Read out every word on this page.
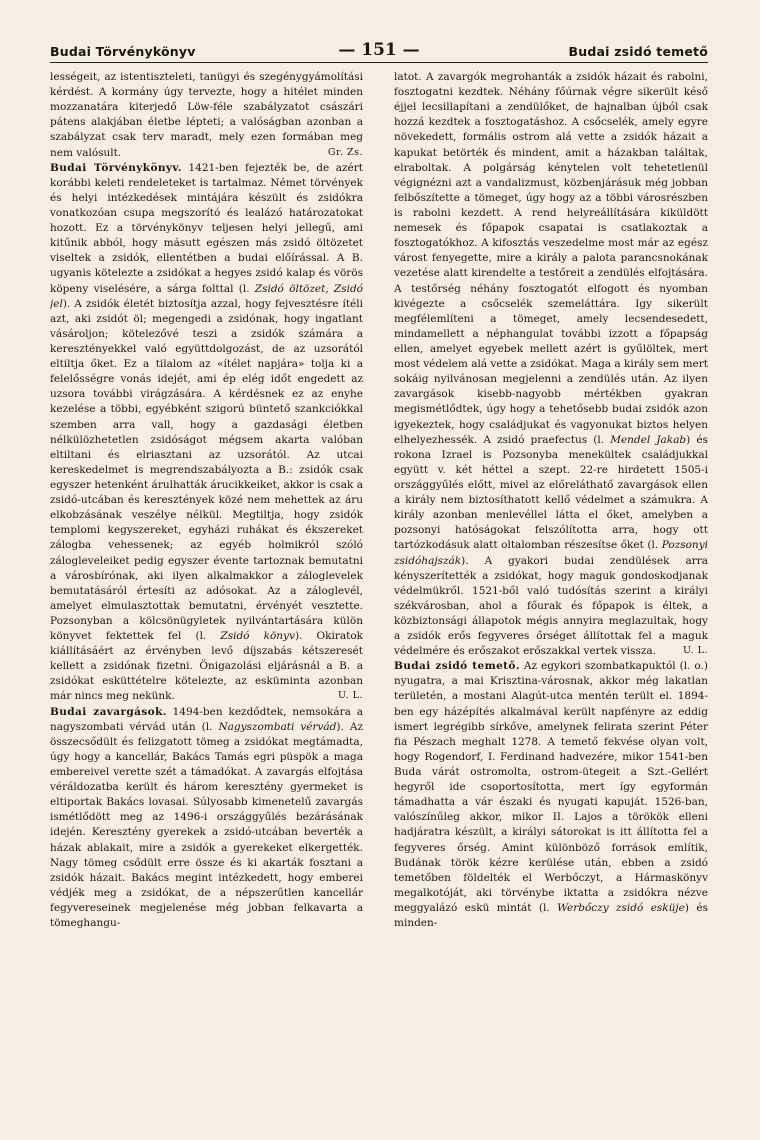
Budai Törvénykönyv	— 151 —	Budai zsidó temető

lességeit, az istentiszteleti, tanügyi és szegénygyámolítási kérdést. A kormány úgy tervezte, hogy a hitélet minden mozzanatára kiterjedő Löw-féle szabályzatot császári pátens alakjában életbe lépteti; a valóságban azonban a szabályzat csak terv maradt, mely ezen formában meg nem valósult.	Gr. Zs.

Budai Törvénykönyv. 1421-ben fejezték be, de azért korábbi keleti rendeleteket is tartalmaz. Német törvények és helyi intézkedések mintájára készült és zsidókra vonatkozóan csupa megszorító és lealázó határozatokat hozott. Ez a törvénykönyv teljesen helyi jellegű, ami kitűnik abból, hogy másutt egészen más zsidó öltözetet viseltek a zsidók, ellentétben a budai előírással. A B. ugyanis kötelezte a zsidókat a hegyes zsidó kalap és vörös köpeny viselésére, a sárga folttal (l. Zsidó öltözet, Zsidó jel). A zsidók életét biztosítja azzal, hogy fejvesztésre ítéli azt, aki zsidót öl; megengedi a zsidónak, hogy ingatlant vásároljon; kötelezővé teszi a zsidók számára a keresztényekkel való együttdolgozást, de az uzsorától eltiltja őket. Ez a tilalom az «ítélet napjára» tolja ki a felelősségre vonás idejét, ami ép elég időt engedett az uzsora további virágzására. A kérdésnek ez az enyhe kezelése a többi, egyébként szigorú büntető szankciókkal szemben arra vall, hogy a gazdasági életben nélkülözhetetlen zsidóságot mégsem akarta valóban eltiltani és elriasztani az uzsorától. Az utcai kereskedelmet is megrendszabályozta a B.: zsidók csak egyszer hetenként árulhatták árucikkeiket, akkor is csak a zsidó-utcában és keresztények közé nem mehettek az áru elkobzásának veszélye nélkül. Megtiltja, hogy zsidók templomi kegyszereket, egyházi ruhákat és ékszereket zálogba vehessenek; az egyéb holmikról szóló zálogleveleiket pedig egyszer évente tartoznak bemutatni a városbírónak, aki ilyen alkalmakkor a záloglevelek bemutatásáról értesíti az adósokat. Az a záloglevél, amelyet elmulasztottak bemutatni, érvényét vesztette. Pozsonyban a kölcsönügyletek nyilvántartására külön könyvet fektettek fel (l. Zsidó könyv). Okiratok kiállításáért az érvényben levő díjszabás kétszeresét kellett a zsidónak fizetni. Önigazolási eljárásnál a B. a zsidókat esküttételre kötelezte, az esküminta azonban már nincs meg nekünk.	U. L.

Budai zavargások. 1494-ben kezdődtek, nemsokára a nagyszombati vérvád után (l. Nagyszombati vérvád). Az összecsődült és felizgatott tömeg a zsidókat megtámadta, úgy hogy a kancellár, Bakács Tamás egri püspök a maga embereivel verette szét a támadókat. A zavargás elfojtása véráldozatba került és három keresztény gyermeket is eltiportak Bakács lovasai. Súlyosabb kimenetelű zavargás ismétlődött meg az 1496-i országgyűlés bezárásának idején. Keresztény gyerekek a zsidó-utcában beverték a házak ablakait, mire a zsidók a gyerekeket elkergették. Nagy tömeg csődült erre össze és ki akarták fosztani a zsidók házait. Bakács megint intézkedett, hogy emberei védjék meg a zsidókat, de a népszerűtlen kancellár fegyvereseinek megjelenése még jobban felkavarta a tömeghangu-

latot. A zavargók megrohanták a zsidók házait és rabolni, fosztogatni kezdtek. Néhány főúrnak végre sikerült késő éjjel lecsillapítani a zendülőket, de hajnalban újból csak hozzá kezdtek a fosztogatáshoz. A csőcselék, amely egyre növekedett, formális ostrom alá vette a zsidók házait a kapukat betörték és mindent, amit a házakban találtak, elraboltak. A polgárság kénytelen volt tehetetlenül végignézni azt a vandalizmust, közbenjárásuk még jobban felbőszítette a tömeget, úgy hogy az a többi városrészben is rabolni kezdett. A rend helyreállítására kiküldött nemesek és főpapok csapatai is csatlakoztak a fosztogatókhoz. A kifosztás veszedelme most már az egész várost fenyegette, mire a király a palota parancsnokának vezetése alatt kirendelte a testőreit a zendülés elfojtására. A testőrség néhány fosztogatót elfogott és nyomban kivégezte a csőcselék szemeláttára. Igy sikerült megfélemlíteni a tömeget, amely lecsendesedett, mindamellett a néphangulat további izzott a főpapság ellen, amelyet egyebek mellett azért is gyűlöltek, mert most védelem alá vette a zsidókat. Maga a király sem mert sokáig nyilvánosan megjelenni a zendülés után. Az ilyen zavargások kisebb-nagyobb mértékben gyakran megismétlődtek, úgy hogy a tehetősebb budai zsidók azon igyekeztek, hogy családjukat és vagyonukat biztos helyen elhelyezhessék. A zsidó praefectus (l. Mendel Jakab) és rokona Izrael is Pozsonyba menekültek családjukkal együtt v. két héttel a szept. 22-re hirdetett 1505-i országgyűlés előtt, mivel az előreláthatő zavargások ellen a király nem biztosíthatott kellő védelmet a számukra. A király azonban menlevéllel látta el őket, amelyben a pozsonyi hatóságokat felszólította arra, hogy ott tartózkodásuk alatt oltalomban részesítse őket (l. Pozsonyi zsidóhajszák). A gyakori budai zendülések arra kényszerítették a zsidókat, hogy maguk gondoskodjanak védelmükről. 1521-ből való tudósítás szerint a királyi székvárosban, ahol a főurak és főpapok is éltek, a közbiztonsági állapotok mégis annyira meglazultak, hogy a zsidók erős fegyveres őrséget állítottak fel a maguk védelmére és erőszakot erőszakkal vertek vissza.	U. L.

Budai zsidó temető. Az egykori szombatkapuktól (l. o.) nyugatra, a mai Krisztina-városnak, akkor még lakatlan területén, a mostani Alagút-utca mentén terült el. 1894-ben egy házépítés alkalmával került napfényre az eddig ismert legrégibb sírkőve, amelynek felirata szerint Péter fia Pészach meghalt 1278. A temető fekvése olyan volt, hogy Rogendorf, I. Ferdinand hadvezére, mikor 1541-ben Buda várát ostromolta, ostrom-ütegeit a Szt.-Gellért hegyről ide csoportosította, mert így egyformán támadhatta a vár északi és nyugati kapuját. 1526-ban, valószínűleg akkor, mikor II. Lajos a törökök elleni hadjáratra készült, a királyi sátorokat is itt állította fel a fegyveres őrség. Amint különböző források említik, Budának török kézre kerülése után, ebben a zsidó temetőben földelték el Werbőczyt, a Hármaskönyv megalkotóját, aki törvénybe iktatta a zsidókra nézve meggyalázó eskü mintát (l. Werbőczy zsidó esküje) és minden-
